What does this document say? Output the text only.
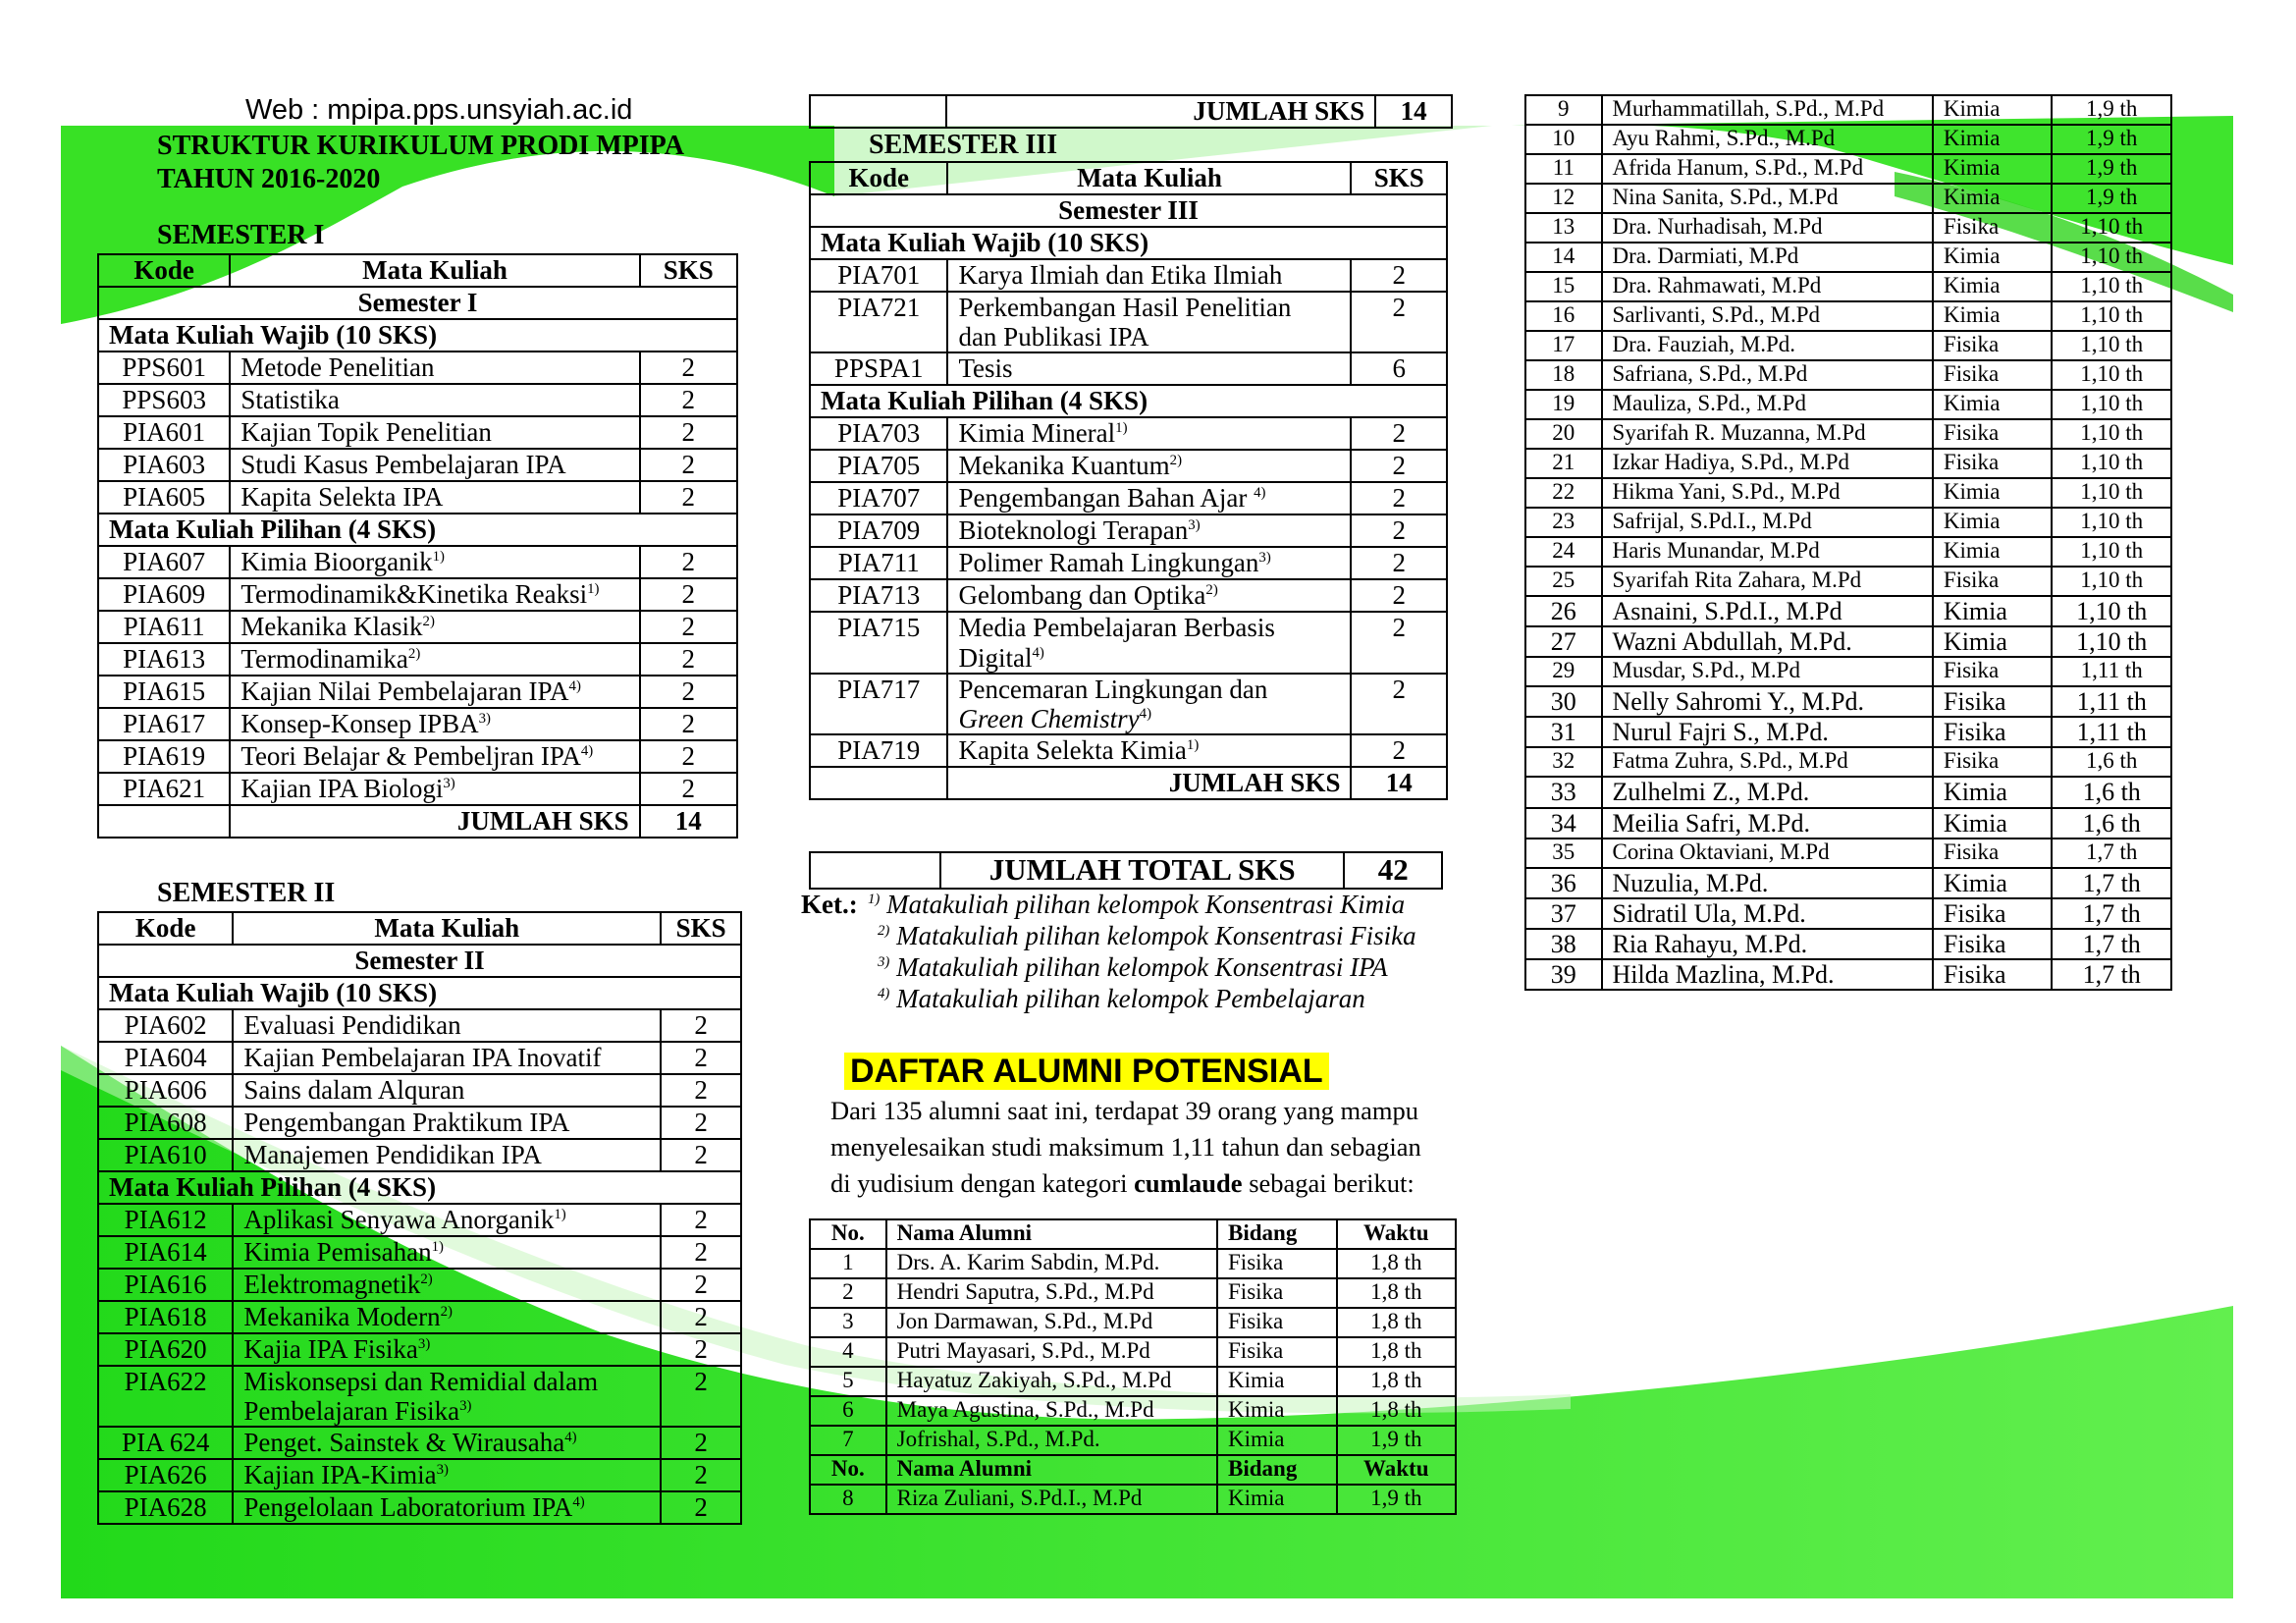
Web : mpipa.pps.unsyiah.ac.id
STRUKTUR KURIKULUM PRODI MPIPA
TAHUN 2016-2020
SEMESTER I
Kode	Mata Kuliah	SKS
Semester I		
Mata Kuliah Wajib (10 SKS)		
PPS601	Metode Penelitian	2
PPS603	Statistika	2
PIA601	Kajian Topik Penelitian	2
PIA603	Studi Kasus Pembelajaran IPA	2
PIA605	Kapita Selekta IPA	2
Mata Kuliah Pilihan (4 SKS)		
PIA607	Kimia Bioorganik$^{1)}$	2
PIA609	Termodinamik&Kinetika Reaksi$^{1)}$	2
PIA611	Mekanika Klasik$^{2)}$	2
PIA613	Termodinamika$^{2)}$	2
PIA615	Kajian Nilai Pembelajaran IPA$^{4)}$	2
PIA617	Konsep-Konsep IPBA$^{3)}$	2
PIA619	Teori Belajar & Pembeljran IPA$^{4)}$	2
PIA621	Kajian IPA Biologi$^{3)}$	2
	JUMLAH SKS	14
SEMESTER II
Kode	Mata Kuliah	SKS
Semester II		
Mata Kuliah Wajib (10 SKS)		
PIA602	Evaluasi Pendidikan	2
PIA604	Kajian Pembelajaran IPA Inovatif	2
PIA606	Sains dalam Alquran	2
PIA608	Pengembangan Praktikum IPA	2
PIA610	Manajemen Pendidikan IPA	2
Mata Kuliah Pilihan (4 SKS)		
PIA612	Aplikasi Senyawa Anorganik$^{1)}$	2
PIA614	Kimia Pemisahan$^{1)}$	2
PIA616	Elektromagnetik$^{2)}$	2
PIA618	Mekanika Modern$^{2)}$	2
PIA620	Kajia IPA Fisika$^{3)}$	2
PIA622	Miskonsepsi dan Remidial dalam
Pembelajaran Fisika$^{3)}$	2
PIA 624	Penget. Sainstek & Wirausaha$^{4)}$	2
PIA626	Kajian IPA-Kimia$^{3)}$	2
PIA628	Pengelolaan Laboratorium IPA$^{4)}$	2
	JUMLAH SKS	14
SEMESTER III
Kode	Mata Kuliah	SKS
Semester III		
Mata Kuliah Wajib (10 SKS)		
PIA701	Karya Ilmiah dan Etika Ilmiah	2
PIA721	Perkembangan Hasil Penelitian
dan Publikasi IPA	2
PPSPA1	Tesis	6
Mata Kuliah Pilihan (4 SKS)		
PIA703	Kimia Mineral$^{1)}$	2
PIA705	Mekanika Kuantum$^{2)}$	2
PIA707	Pengembangan Bahan Ajar $^{4)}$	2
PIA709	Bioteknologi Terapan$^{3)}$	2
PIA711	Polimer Ramah Lingkungan$^{3)}$	2
PIA713	Gelombang dan Optika$^{2)}$	2
PIA715	Media Pembelajaran Berbasis
Digital$^{4)}$	2
PIA717	Pencemaran Lingkungan dan
Green Chemistry$^{4)}$	2
PIA719	Kapita Selekta Kimia$^{1)}$	2
	JUMLAH SKS	14
	JUMLAH TOTAL SKS	42
Ket.: $^{1)}$ Matakuliah pilihan kelompok Konsentrasi Kimia
$^{2)}$ Matakuliah pilihan kelompok Konsentrasi Fisika
$^{3)}$ Matakuliah pilihan kelompok Konsentrasi IPA
$^{4)}$ Matakuliah pilihan kelompok Pembelajaran
DAFTAR ALUMNI POTENSIAL
Dari 135 alumni saat ini, terdapat 39 orang yang mampu
menyelesaikan studi maksimum 1,11 tahun dan sebagian
di yudisium dengan kategori cumlaude sebagai berikut:
No.	Nama Alumni	Bidang	Waktu
1	Drs. A. Karim Sabdin, M.Pd.	Fisika	1,8 th
2	Hendri Saputra, S.Pd., M.Pd	Fisika	1,8 th
3	Jon Darmawan, S.Pd., M.Pd	Fisika	1,8 th
4	Putri Mayasari, S.Pd., M.Pd	Fisika	1,8 th
5	Hayatuz Zakiyah, S.Pd., M.Pd	Kimia	1,8 th
6	Maya Agustina, S.Pd., M.Pd	Kimia	1,8 th
7	Jofrishal, S.Pd., M.Pd.	Kimia	1,9 th
No.	Nama Alumni	Bidang	Waktu
8	Riza Zuliani, S.Pd.I., M.Pd	Kimia	1,9 th
9	Murhammatillah, S.Pd., M.Pd	Kimia	1,9 th
10	Ayu Rahmi, S.Pd., M.Pd	Kimia	1,9 th
11	Afrida Hanum, S.Pd., M.Pd	Kimia	1,9 th
12	Nina Sanita, S.Pd., M.Pd	Kimia	1,9 th
13	Dra. Nurhadisah, M.Pd	Fisika	1,10 th
14	Dra. Darmiati, M.Pd	Kimia	1,10 th
15	Dra. Rahmawati, M.Pd	Kimia	1,10 th
16	Sarlivanti, S.Pd., M.Pd	Kimia	1,10 th
17	Dra. Fauziah, M.Pd.	Fisika	1,10 th
18	Safriana, S.Pd., M.Pd	Fisika	1,10 th
19	Mauliza, S.Pd., M.Pd	Kimia	1,10 th
20	Syarifah R. Muzanna, M.Pd	Fisika	1,10 th
21	Izkar Hadiya, S.Pd., M.Pd	Fisika	1,10 th
22	Hikma Yani, S.Pd., M.Pd	Kimia	1,10 th
23	Safrijal, S.Pd.I., M.Pd	Kimia	1,10 th
24	Haris Munandar, M.Pd	Kimia	1,10 th
25	Syarifah Rita Zahara, M.Pd	Fisika	1,10 th
26	Asnaini, S.Pd.I., M.Pd	Kimia	1,10 th
27	Wazni Abdullah, M.Pd.	Kimia	1,10 th
29	Musdar, S.Pd., M.Pd	Fisika	1,11 th
30	Nelly Sahromi Y., M.Pd.	Fisika	1,11 th
31	Nurul Fajri S., M.Pd.	Fisika	1,11 th
32	Fatma Zuhra, S.Pd., M.Pd	Fisika	1,6 th
33	Zulhelmi Z., M.Pd.	Kimia	1,6 th
34	Meilia Safri, M.Pd.	Kimia	1,6 th
35	Corina Oktaviani, M.Pd	Fisika	1,7 th
36	Nuzulia, M.Pd.	Kimia	1,7 th
37	Sidratil Ula, M.Pd.	Fisika	1,7 th
38	Ria Rahayu, M.Pd.	Fisika	1,7 th
39	Hilda Mazlina, M.Pd.	Fisika	1,7 th
